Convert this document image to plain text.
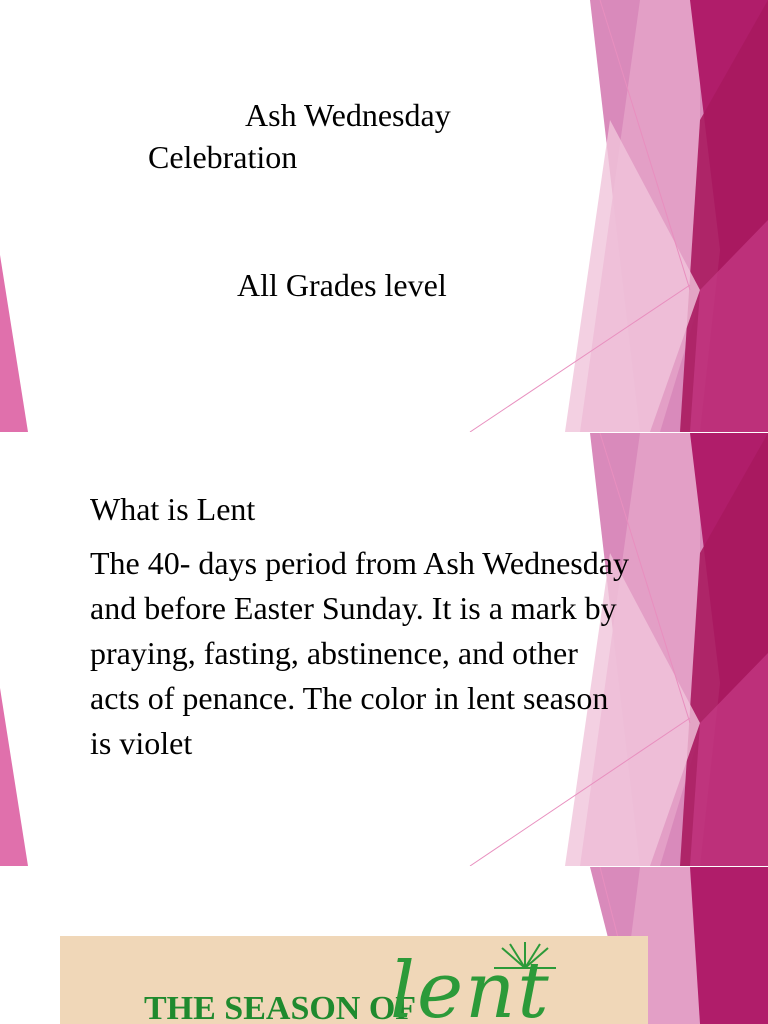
Ash Wednesday
Celebration
All Grades level
What is Lent
The 40- days period from Ash Wednesday and before Easter Sunday. It is a mark by praying, fasting, abstinence, and other acts of penance. The color in lent season is violet
THE SEASON OF
lent
